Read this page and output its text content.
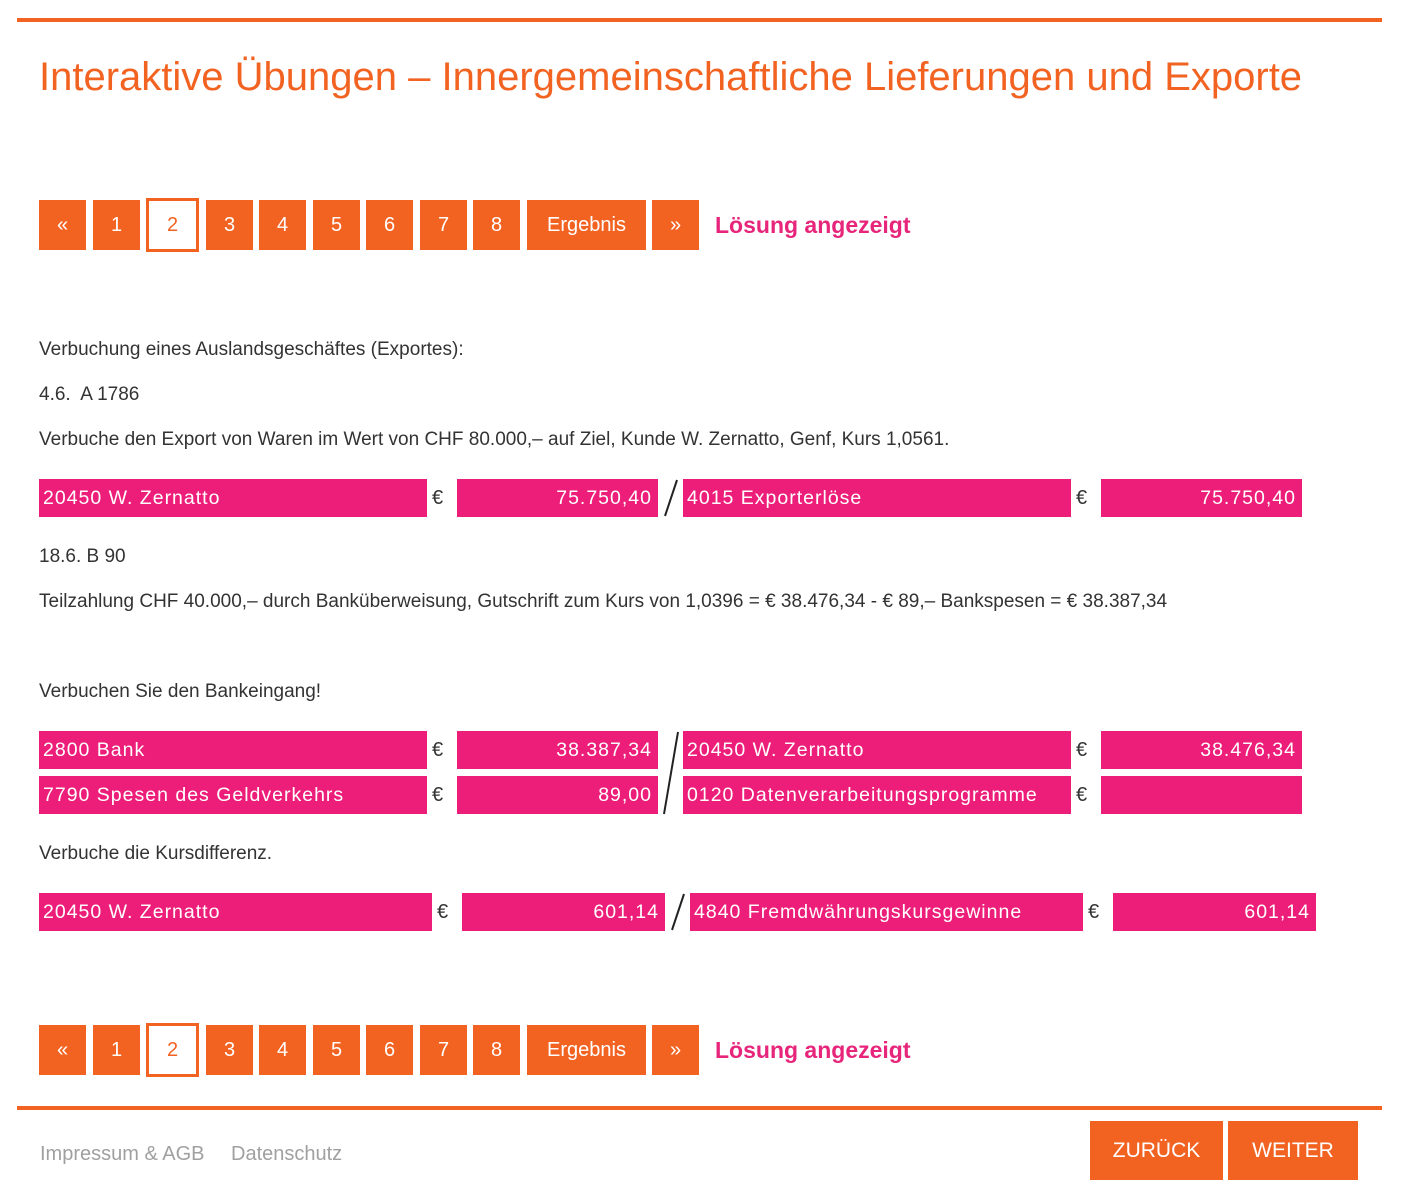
Interaktive Übungen – Innergemeinschaftliche Lieferungen und Exporte
«	1	2	3	4	5	6	7	8	Ergebnis	»	Lösung angezeigt
Verbuchung eines Auslandsgeschäftes (Exportes):
4.6.  A 1786
Verbuche den Export von Waren im Wert von CHF 80.000,– auf Ziel, Kunde W. Zernatto, Genf, Kurs 1,0561.
20450 W. Zernatto	€	75.750,40	4015 Exporterlöse	€	75.750,40
18.6. B 90
Teilzahlung CHF 40.000,– durch Banküberweisung, Gutschrift zum Kurs von 1,0396 = € 38.476,34 - € 89,– Bankspesen = € 38.387,34
Verbuchen Sie den Bankeingang!
2800 Bank	€	38.387,34	20450 W. Zernatto	€	38.476,34
7790 Spesen des Geldverkehrs	€	89,00	0120 Datenverarbeitungsprogramme	€
Verbuche die Kursdifferenz.
20450 W. Zernatto	€	601,14	4840 Fremdwährungskursgewinne	€	601,14
«	1	2	3	4	5	6	7	8	Ergebnis	»	Lösung angezeigt
Impressum & AGB Datenschutz	ZURÜCK	WEITER
